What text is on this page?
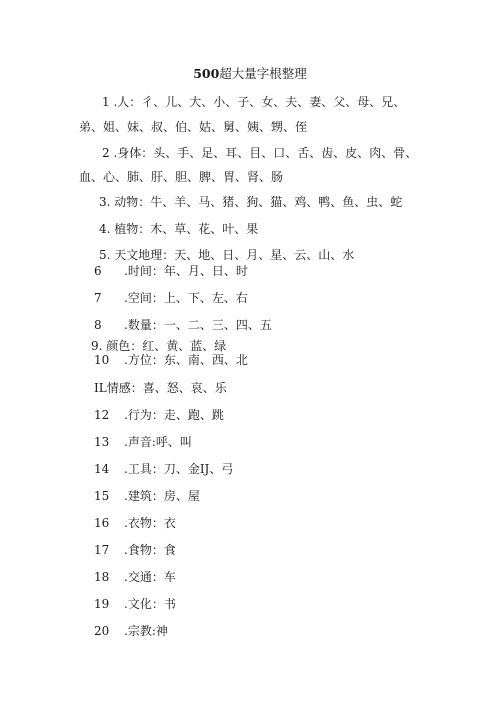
500超大量字根整理
1 .人：彳、儿、大、小、子、女、夫、妻、父、母、兄、
弟、姐、妹、叔、伯、姑、舅、姨、甥、侄
2 .身体：头、手、足、耳、目、口、舌、齿、皮、肉、骨、
血、心、肺、肝、胆、脾、胃、肾、肠
3. 动物：牛、羊、马、猪、狗、猫、鸡、鸭、鱼、虫、蛇
4. 植物：木、草、花、叶、果
5. 天文地理：天、地、日、月、星、云、山、水
6 .时间：年、月、日、时
7 .空间：上、下、左、右
8 .数量：一、二、三、四、五
9. 颜色：红、黄、蓝、绿
10 .方位：东、南、西、北
IL情感：喜、怒、哀、乐
12 .行为：走、跑、跳
13 .声音:呼、叫
14 .工具：刀、金IJ、弓
15 .建筑：房、屋
16 .衣物：衣
17 .食物：食
18 .交通：车
19 .文化：书
20 .宗教:神
